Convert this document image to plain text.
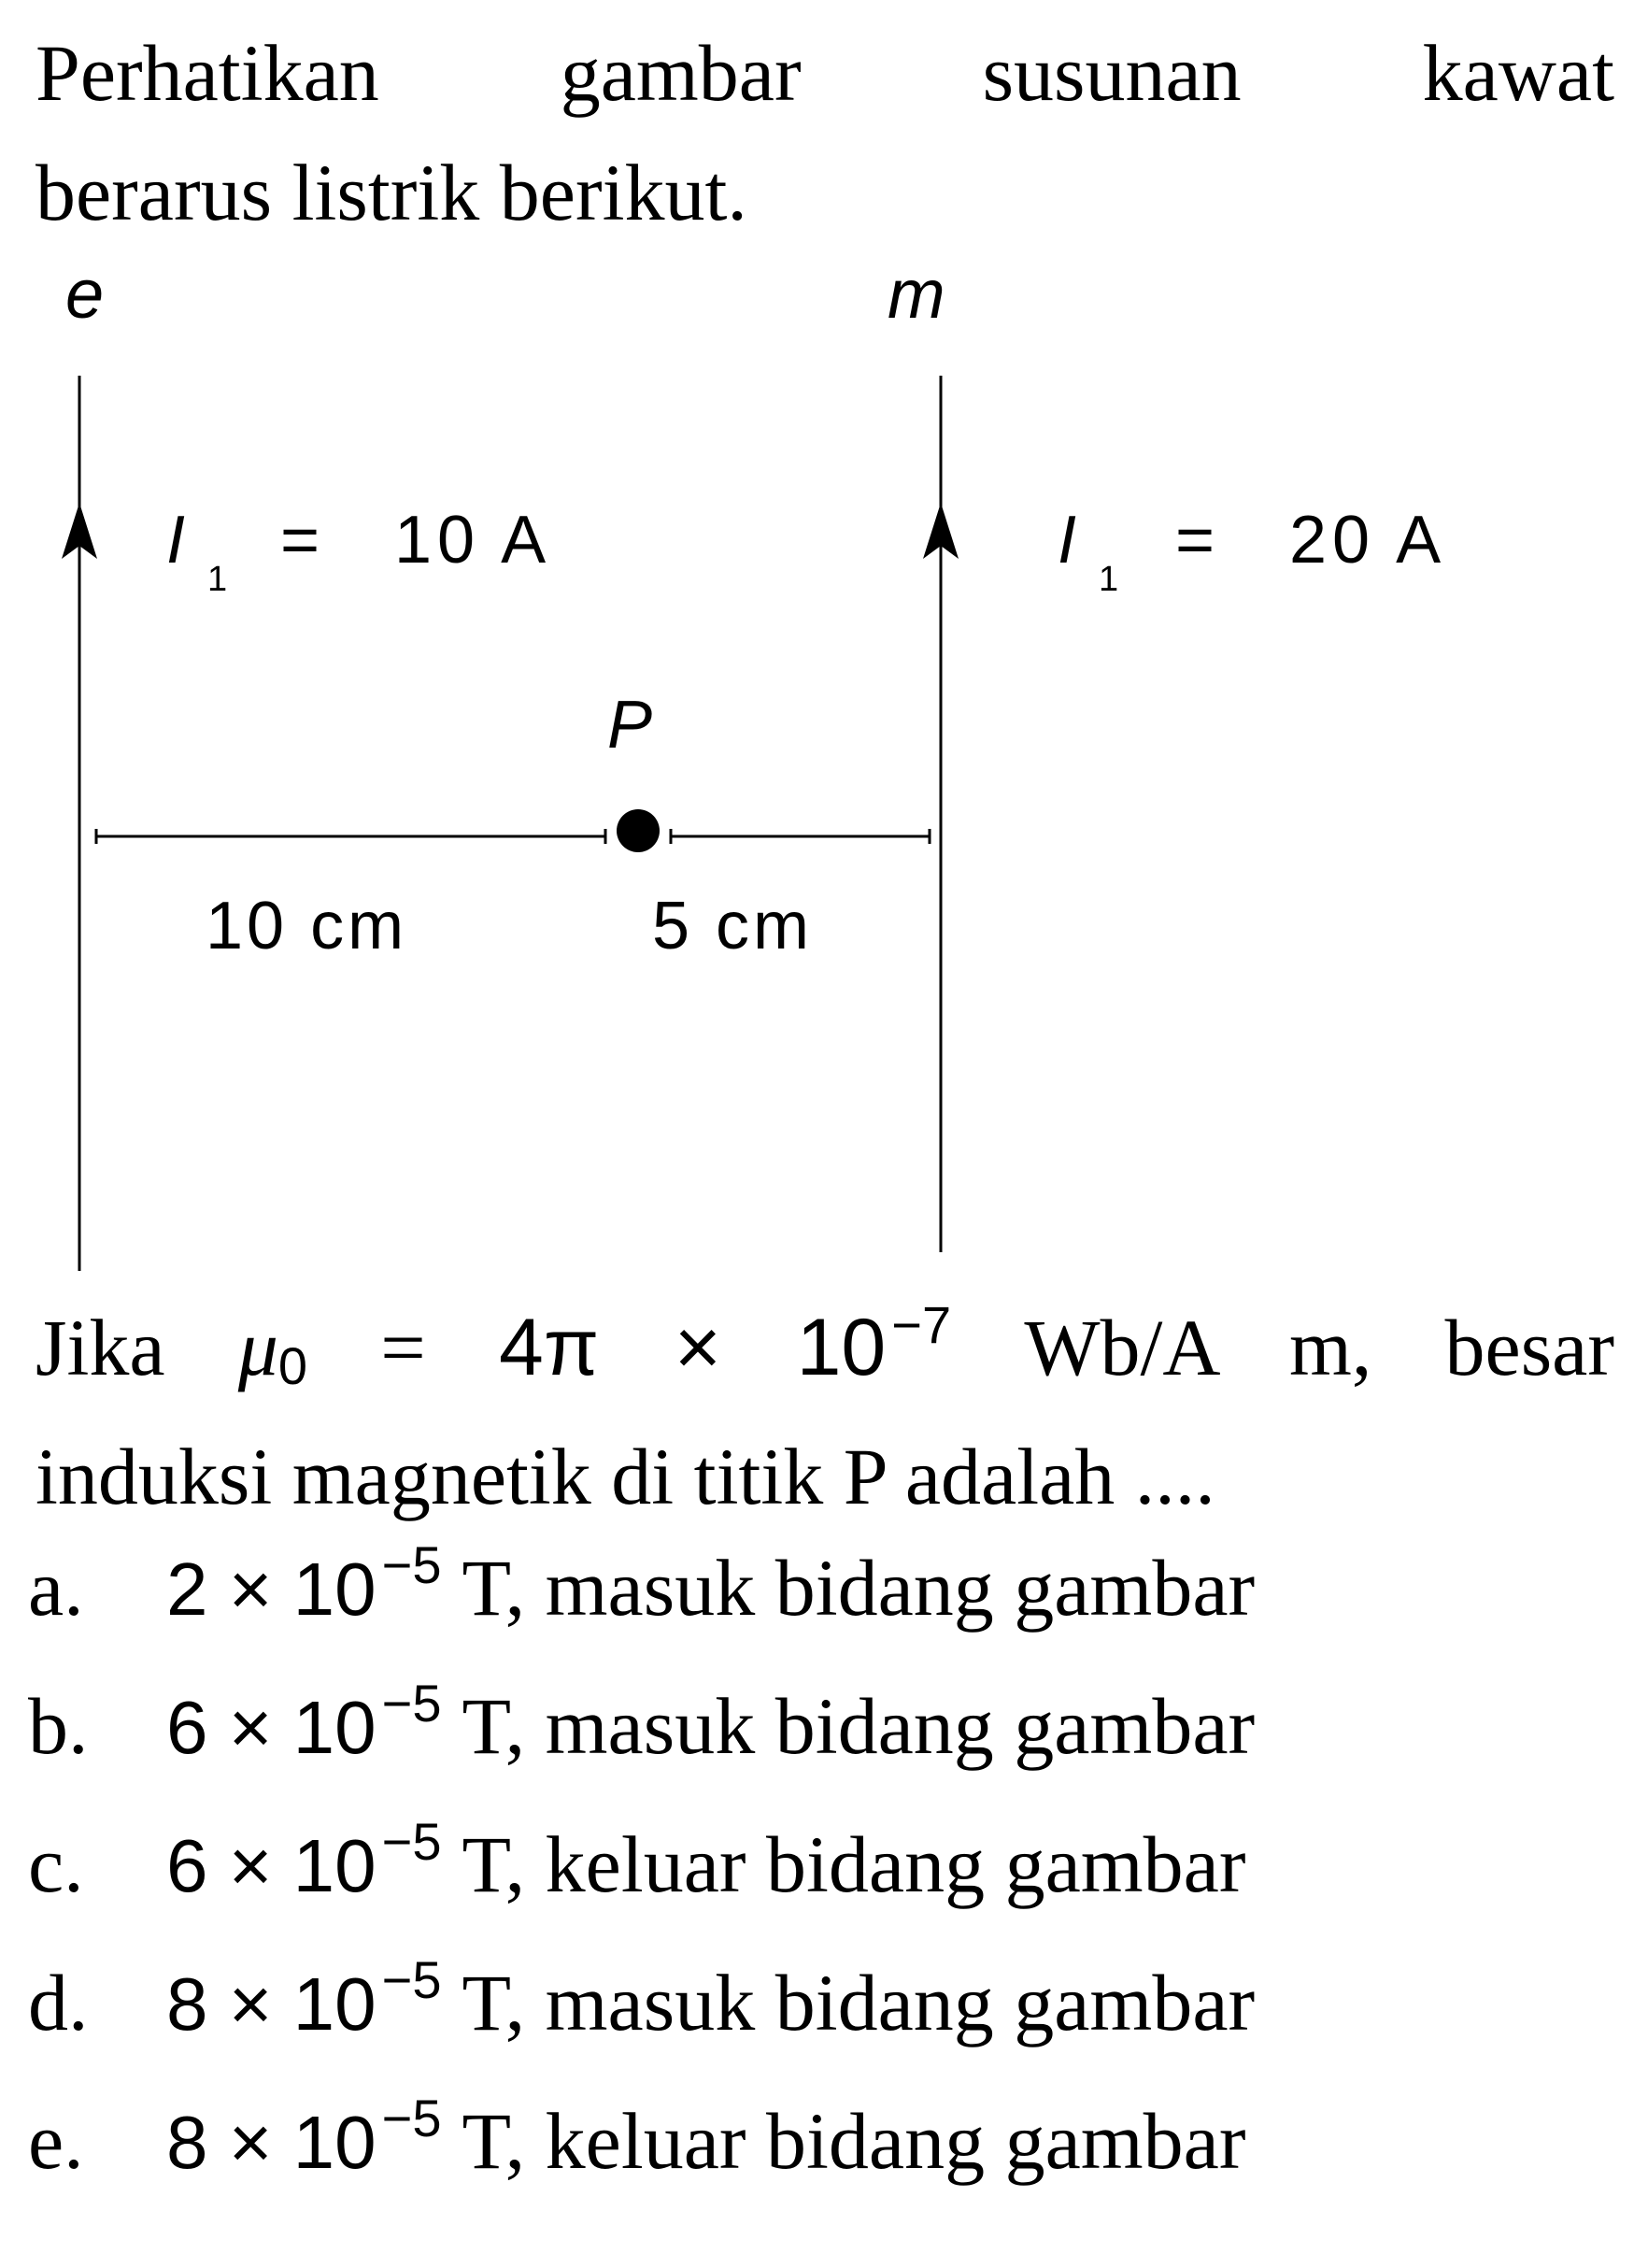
Perhatikan gambar susunan kawat
berarus listrik berikut.
e	m
I
1
= 10 A	I
1
= 20 A
P
10 cm	5 cm
Jika $\mu_0 = 4\pi \times 10$ $^{-7}$ Wb/A m, besar
induksi magnetik di titik P adalah ....
a.	$2 \times 10^{-5}$ T, masuk bidang gambar
b.	$6 \times 10^{-5}$ T, masuk bidang gambar
c.	$6 \times 10^{-5}$ T, keluar bidang gambar
d.	$8 \times 10^{-5}$ T, masuk bidang gambar
e.	$8 \times 10^{-5}$ T, keluar bidang gambar
